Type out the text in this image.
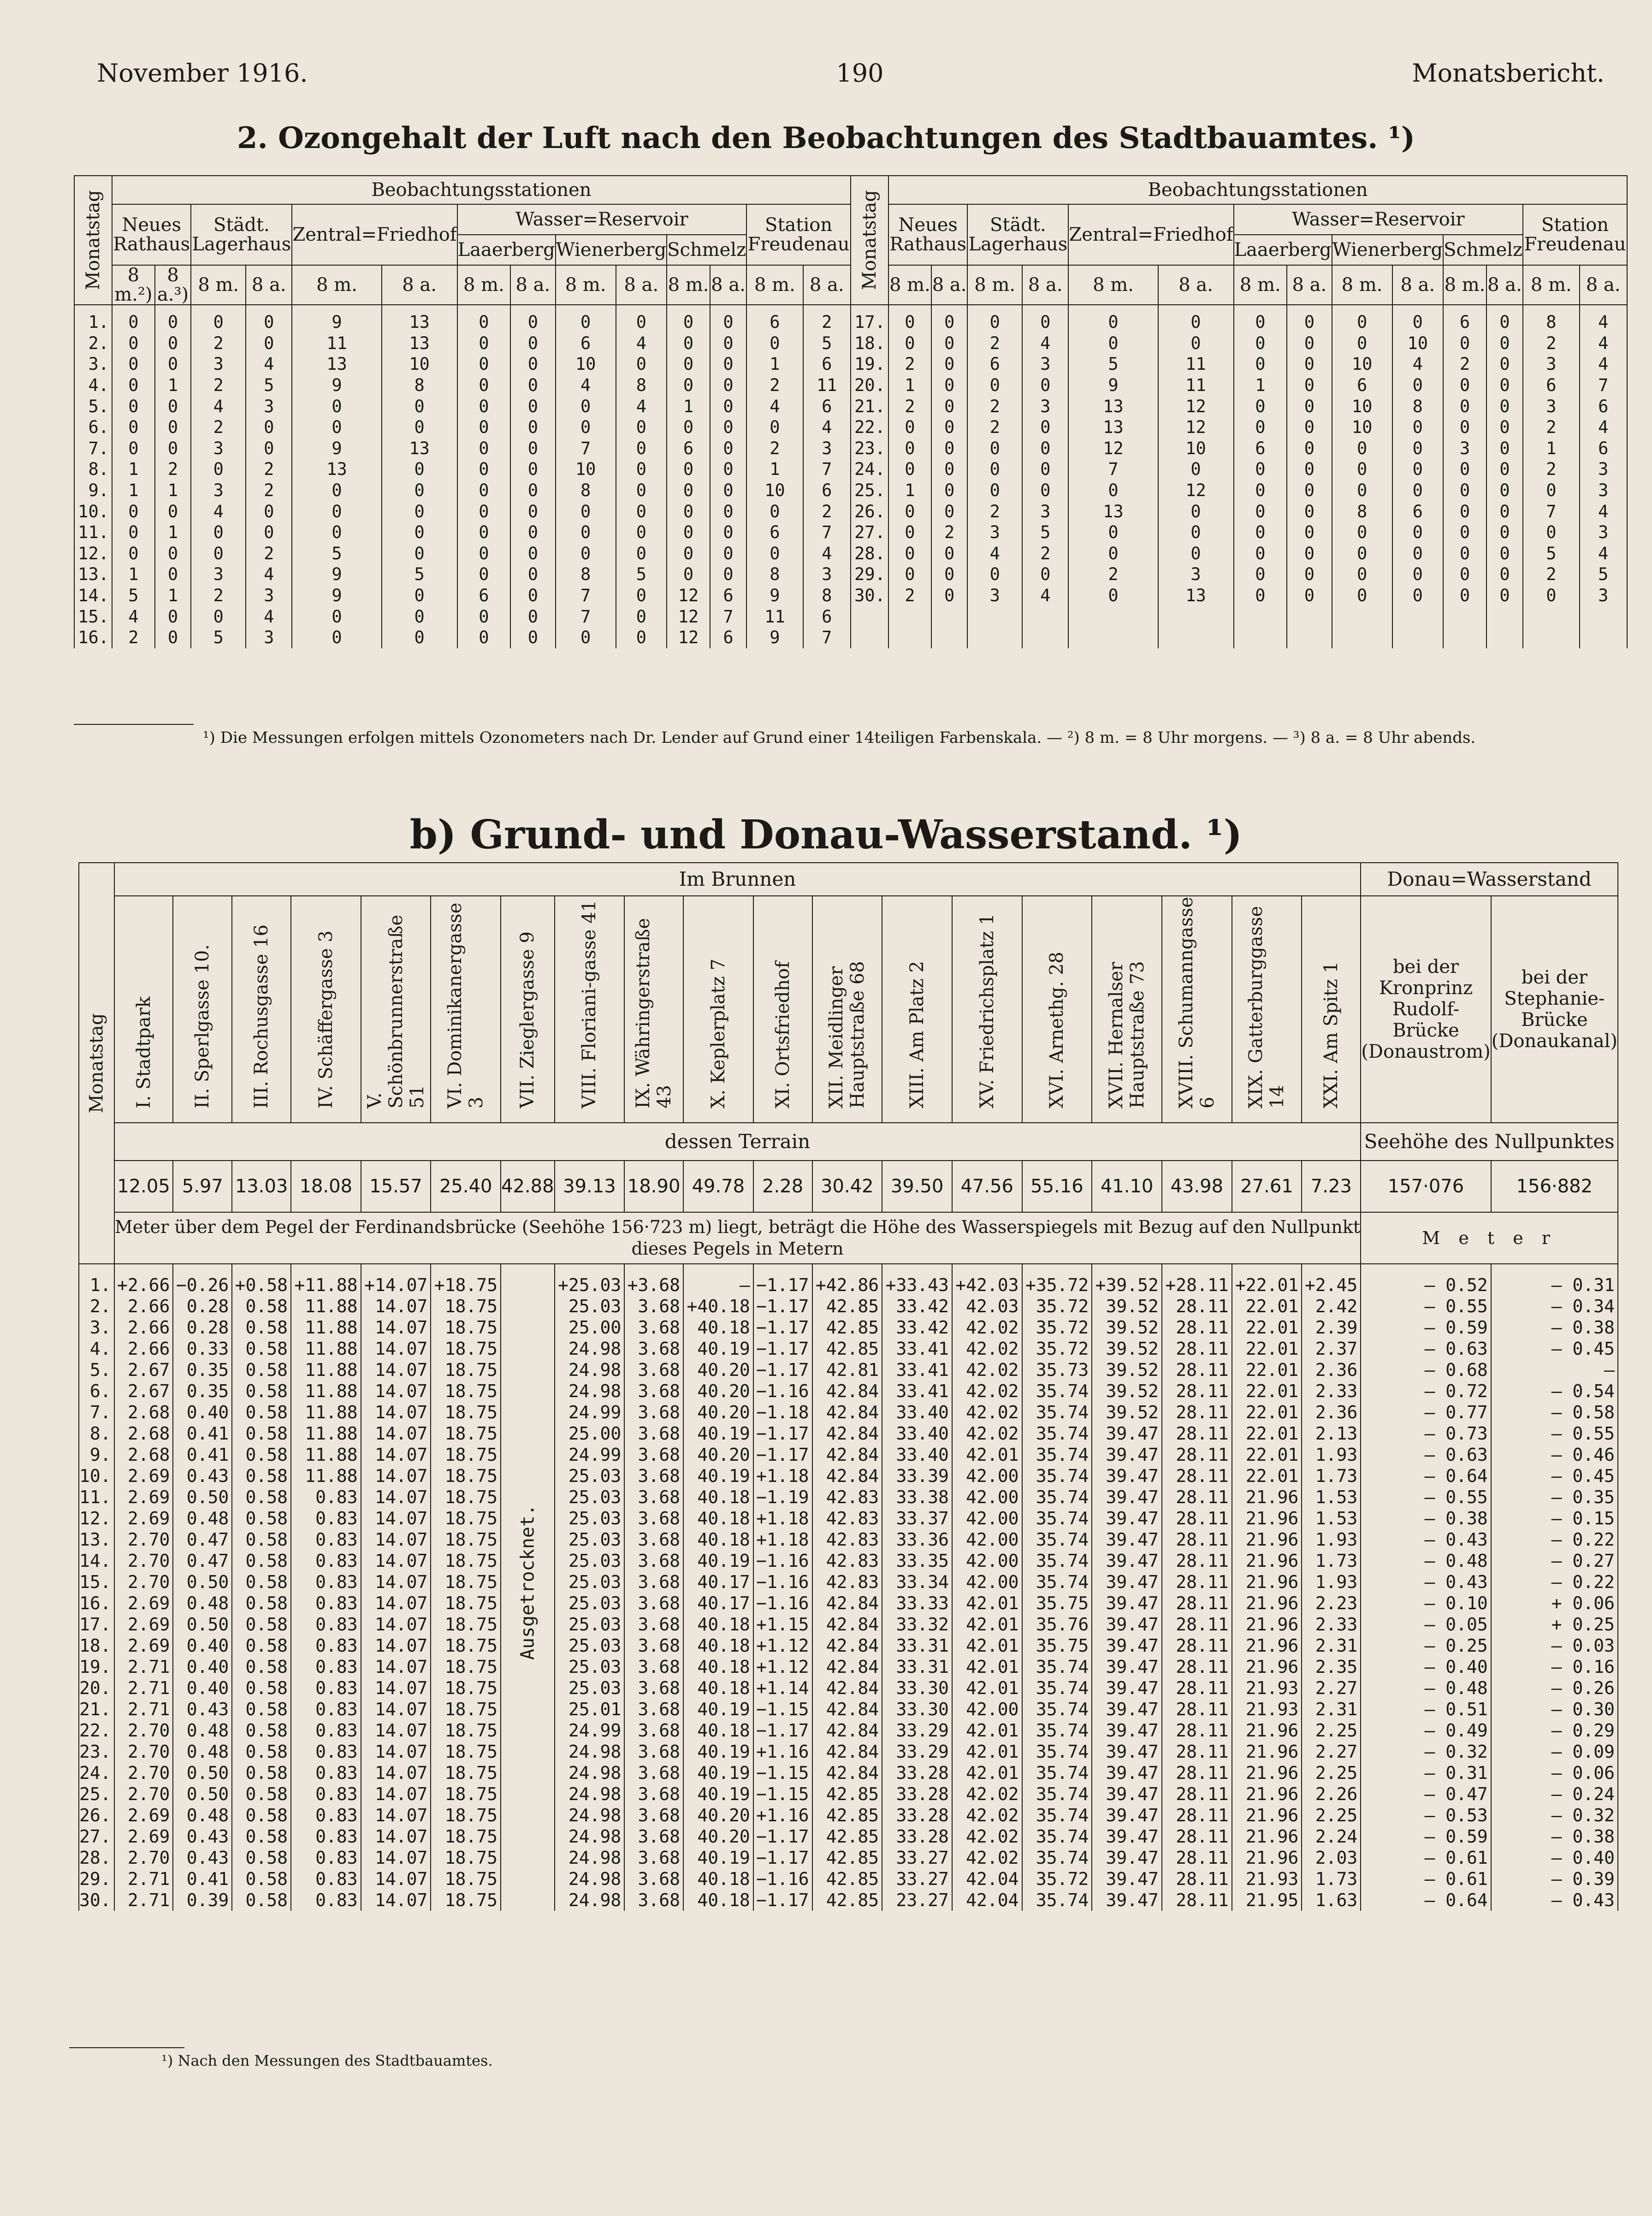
November 1916.	190	Monatsbericht.
2. Ozongehalt der Luft nach den Beobachtungen des Stadtbauamtes. ¹)
Monatstag	Beobachtungsstationen														Monatstag	Beobachtungsstationen													
	Neues Rathaus		Städt. Lagerhaus		Zentral=Friedhof		Wasser=Reservoir						Station Freudenau			Neues Rathaus		Städt. Lagerhaus		Zentral=Friedhof		Wasser=Reservoir						Station Freudenau	
							Laaerberg		Wienerberg		Schmelz											Laaerberg		Wienerberg		Schmelz			
	8 m.²)	8 a.³)	8 m.	8 a.	8 m.	8 a.	8 m.	8 a.	8 m.	8 a.	8 m.	8 a.	8 m.	8 a.		8 m.	8 a.	8 m.	8 a.	8 m.	8 a.	8 m.	8 a.	8 m.	8 a.	8 m.	8 a.	8 m.	8 a.
1.	0	0	0	0	9	13	0	0	0	0	0	0	6	2	17.	0	0	0	0	0	0	0	0	0	0	6	0	8	4
2.	0	0	2	0	11	13	0	0	6	4	0	0	0	5	18.	0	0	2	4	0	0	0	0	0	10	0	0	2	4
3.	0	0	3	4	13	10	0	0	10	0	0	0	1	6	19.	2	0	6	3	5	11	0	0	10	4	2	0	3	4
4.	0	1	2	5	9	8	0	0	4	8	0	0	2	11	20.	1	0	0	0	9	11	1	0	6	0	0	0	6	7
5.	0	0	4	3	0	0	0	0	0	4	1	0	4	6	21.	2	0	2	3	13	12	0	0	10	8	0	0	3	6
6.	0	0	2	0	0	0	0	0	0	0	0	0	0	4	22.	0	0	2	0	13	12	0	0	10	0	0	0	2	4
7.	0	0	3	0	9	13	0	0	7	0	6	0	2	3	23.	0	0	0	0	12	10	6	0	0	0	3	0	1	6
8.	1	2	0	2	13	0	0	0	10	0	0	0	1	7	24.	0	0	0	0	7	0	0	0	0	0	0	0	2	3
9.	1	1	3	2	0	0	0	0	8	0	0	0	10	6	25.	1	0	0	0	0	12	0	0	0	0	0	0	0	3
10.	0	0	4	0	0	0	0	0	0	0	0	0	0	2	26.	0	0	2	3	13	0	0	0	8	6	0	0	7	4
11.	0	1	0	0	0	0	0	0	0	0	0	0	6	7	27.	0	2	3	5	0	0	0	0	0	0	0	0	0	3
12.	0	0	0	2	5	0	0	0	0	0	0	0	0	4	28.	0	0	4	2	0	0	0	0	0	0	0	0	5	4
13.	1	0	3	4	9	5	0	0	8	5	0	0	8	3	29.	0	0	0	0	2	3	0	0	0	0	0	0	2	5
14.	5	1	2	3	9	0	6	0	7	0	12	6	9	8	30.	2	0	3	4	0	13	0	0	0	0	0	0	0	3
15.	4	0	0	4	0	0	0	0	7	0	12	7	11	6															
16.	2	0	5	3	0	0	0	0	0	0	12	6	9	7															
¹) Die Messungen erfolgen mittels Ozonometers nach Dr. Lender auf Grund einer 14teiligen Farbenskala. — ²) 8 m. = 8 Uhr morgens. — ³) 8 a. = 8 Uhr abends.
b) Grund- und Donau-Wasserstand. ¹)
Monatstag	Im Brunnen																			Donau=Wasserstand	
	I. Stadtpark	II. Sperlgasse 10.	III. Rochusgasse 16	IV. Schäffergasse 3	V. Schönbrunnerstraße 51	VI. Dominikanergasse 3	VII. Zieglergasse 9	VIII. Floriani-gasse 41	IX. Währingerstraße 43	X. Keplerplatz 7	XI. Ortsfriedhof	XII. Meidlinger Hauptstraße 68	XIII. Am Platz 2	XV. Friedrichsplatz 1	XVI. Arnethg. 28	XVII. Hernalser Hauptstraße 73	XVIII. Schumanngasse 6	XIX. Gatterburggasse 14	XXI. Am Spitz 1	bei der Kronprinz Rudolf-Brücke (Donaustrom)	bei der Stephanie-Brücke (Donaukanal)
	dessen Terrain																			Seehöhe des Nullpunktes	
	12.05	5.97	13.03	18.08	15.57	25.40	42.88	39.13	18.90	49.78	2.28	30.42	39.50	47.56	55.16	41.10	43.98	27.61	7.23	157·076	156·882
	Meter über dem Pegel der Ferdinandsbrücke (Seehöhe 156·723 m) liegt, beträgt die Höhe des Wasserspiegels mit Bezug auf den Nullpunkt dieses Pegels in Metern																			M e t e r	
1.	+2.66	−0.26	+0.58	+11.88	+14.07	+18.75	Ausgetrocknet.	+25.03	+3.68	—	−1.17	+42.86	+33.43	+42.03	+35.72	+39.52	+28.11	+22.01	+2.45	— 0.52	— 0.31
2.	2.66	0.28	0.58	11.88	14.07	18.75		25.03	3.68	+40.18	−1.17	42.85	33.42	42.03	35.72	39.52	28.11	22.01	2.42	— 0.55	— 0.34
3.	2.66	0.28	0.58	11.88	14.07	18.75		25.00	3.68	40.18	−1.17	42.85	33.42	42.02	35.72	39.52	28.11	22.01	2.39	— 0.59	— 0.38
4.	2.66	0.33	0.58	11.88	14.07	18.75		24.98	3.68	40.19	−1.17	42.85	33.41	42.02	35.72	39.52	28.11	22.01	2.37	— 0.63	— 0.45
5.	2.67	0.35	0.58	11.88	14.07	18.75		24.98	3.68	40.20	−1.17	42.81	33.41	42.02	35.73	39.52	28.11	22.01	2.36	— 0.68	—
6.	2.67	0.35	0.58	11.88	14.07	18.75		24.98	3.68	40.20	−1.16	42.84	33.41	42.02	35.74	39.52	28.11	22.01	2.33	— 0.72	— 0.54
7.	2.68	0.40	0.58	11.88	14.07	18.75		24.99	3.68	40.20	−1.18	42.84	33.40	42.02	35.74	39.52	28.11	22.01	2.36	— 0.77	— 0.58
8.	2.68	0.41	0.58	11.88	14.07	18.75		25.00	3.68	40.19	−1.17	42.84	33.40	42.02	35.74	39.47	28.11	22.01	2.13	— 0.73	— 0.55
9.	2.68	0.41	0.58	11.88	14.07	18.75		24.99	3.68	40.20	−1.17	42.84	33.40	42.01	35.74	39.47	28.11	22.01	1.93	— 0.63	— 0.46
10.	2.69	0.43	0.58	11.88	14.07	18.75		25.03	3.68	40.19	+1.18	42.84	33.39	42.00	35.74	39.47	28.11	22.01	1.73	— 0.64	— 0.45
11.	2.69	0.50	0.58	0.83	14.07	18.75		25.03	3.68	40.18	−1.19	42.83	33.38	42.00	35.74	39.47	28.11	21.96	1.53	— 0.55	— 0.35
12.	2.69	0.48	0.58	0.83	14.07	18.75		25.03	3.68	40.18	+1.18	42.83	33.37	42.00	35.74	39.47	28.11	21.96	1.53	— 0.38	— 0.15
13.	2.70	0.47	0.58	0.83	14.07	18.75		25.03	3.68	40.18	+1.18	42.83	33.36	42.00	35.74	39.47	28.11	21.96	1.93	— 0.43	— 0.22
14.	2.70	0.47	0.58	0.83	14.07	18.75		25.03	3.68	40.19	−1.16	42.83	33.35	42.00	35.74	39.47	28.11	21.96	1.73	— 0.48	— 0.27
15.	2.70	0.50	0.58	0.83	14.07	18.75		25.03	3.68	40.17	−1.16	42.83	33.34	42.00	35.74	39.47	28.11	21.96	1.93	— 0.43	— 0.22
16.	2.69	0.48	0.58	0.83	14.07	18.75		25.03	3.68	40.17	−1.16	42.84	33.33	42.01	35.75	39.47	28.11	21.96	2.23	— 0.10	+ 0.06
17.	2.69	0.50	0.58	0.83	14.07	18.75		25.03	3.68	40.18	+1.15	42.84	33.32	42.01	35.76	39.47	28.11	21.96	2.33	— 0.05	+ 0.25
18.	2.69	0.40	0.58	0.83	14.07	18.75		25.03	3.68	40.18	+1.12	42.84	33.31	42.01	35.75	39.47	28.11	21.96	2.31	— 0.25	— 0.03
19.	2.71	0.40	0.58	0.83	14.07	18.75		25.03	3.68	40.18	+1.12	42.84	33.31	42.01	35.74	39.47	28.11	21.96	2.35	— 0.40	— 0.16
20.	2.71	0.40	0.58	0.83	14.07	18.75		25.03	3.68	40.18	+1.14	42.84	33.30	42.01	35.74	39.47	28.11	21.93	2.27	— 0.48	— 0.26
21.	2.71	0.43	0.58	0.83	14.07	18.75		25.01	3.68	40.19	−1.15	42.84	33.30	42.00	35.74	39.47	28.11	21.93	2.31	— 0.51	— 0.30
22.	2.70	0.48	0.58	0.83	14.07	18.75		24.99	3.68	40.18	−1.17	42.84	33.29	42.01	35.74	39.47	28.11	21.96	2.25	— 0.49	— 0.29
23.	2.70	0.48	0.58	0.83	14.07	18.75		24.98	3.68	40.19	+1.16	42.84	33.29	42.01	35.74	39.47	28.11	21.96	2.27	— 0.32	— 0.09
24.	2.70	0.50	0.58	0.83	14.07	18.75		24.98	3.68	40.19	−1.15	42.84	33.28	42.01	35.74	39.47	28.11	21.96	2.25	— 0.31	— 0.06
25.	2.70	0.50	0.58	0.83	14.07	18.75		24.98	3.68	40.19	−1.15	42.85	33.28	42.02	35.74	39.47	28.11	21.96	2.26	— 0.47	— 0.24
26.	2.69	0.48	0.58	0.83	14.07	18.75		24.98	3.68	40.20	+1.16	42.85	33.28	42.02	35.74	39.47	28.11	21.96	2.25	— 0.53	— 0.32
27.	2.69	0.43	0.58	0.83	14.07	18.75		24.98	3.68	40.20	−1.17	42.85	33.28	42.02	35.74	39.47	28.11	21.96	2.24	— 0.59	— 0.38
28.	2.70	0.43	0.58	0.83	14.07	18.75		24.98	3.68	40.19	−1.17	42.85	33.27	42.02	35.74	39.47	28.11	21.96	2.03	— 0.61	— 0.40
29.	2.71	0.41	0.58	0.83	14.07	18.75		24.98	3.68	40.18	−1.16	42.85	33.27	42.04	35.72	39.47	28.11	21.93	1.73	— 0.61	— 0.39
30.	2.71	0.39	0.58	0.83	14.07	18.75		24.98	3.68	40.18	−1.17	42.85	23.27	42.04	35.74	39.47	28.11	21.95	1.63	— 0.64	— 0.43
¹) Nach den Messungen des Stadtbauamtes.
